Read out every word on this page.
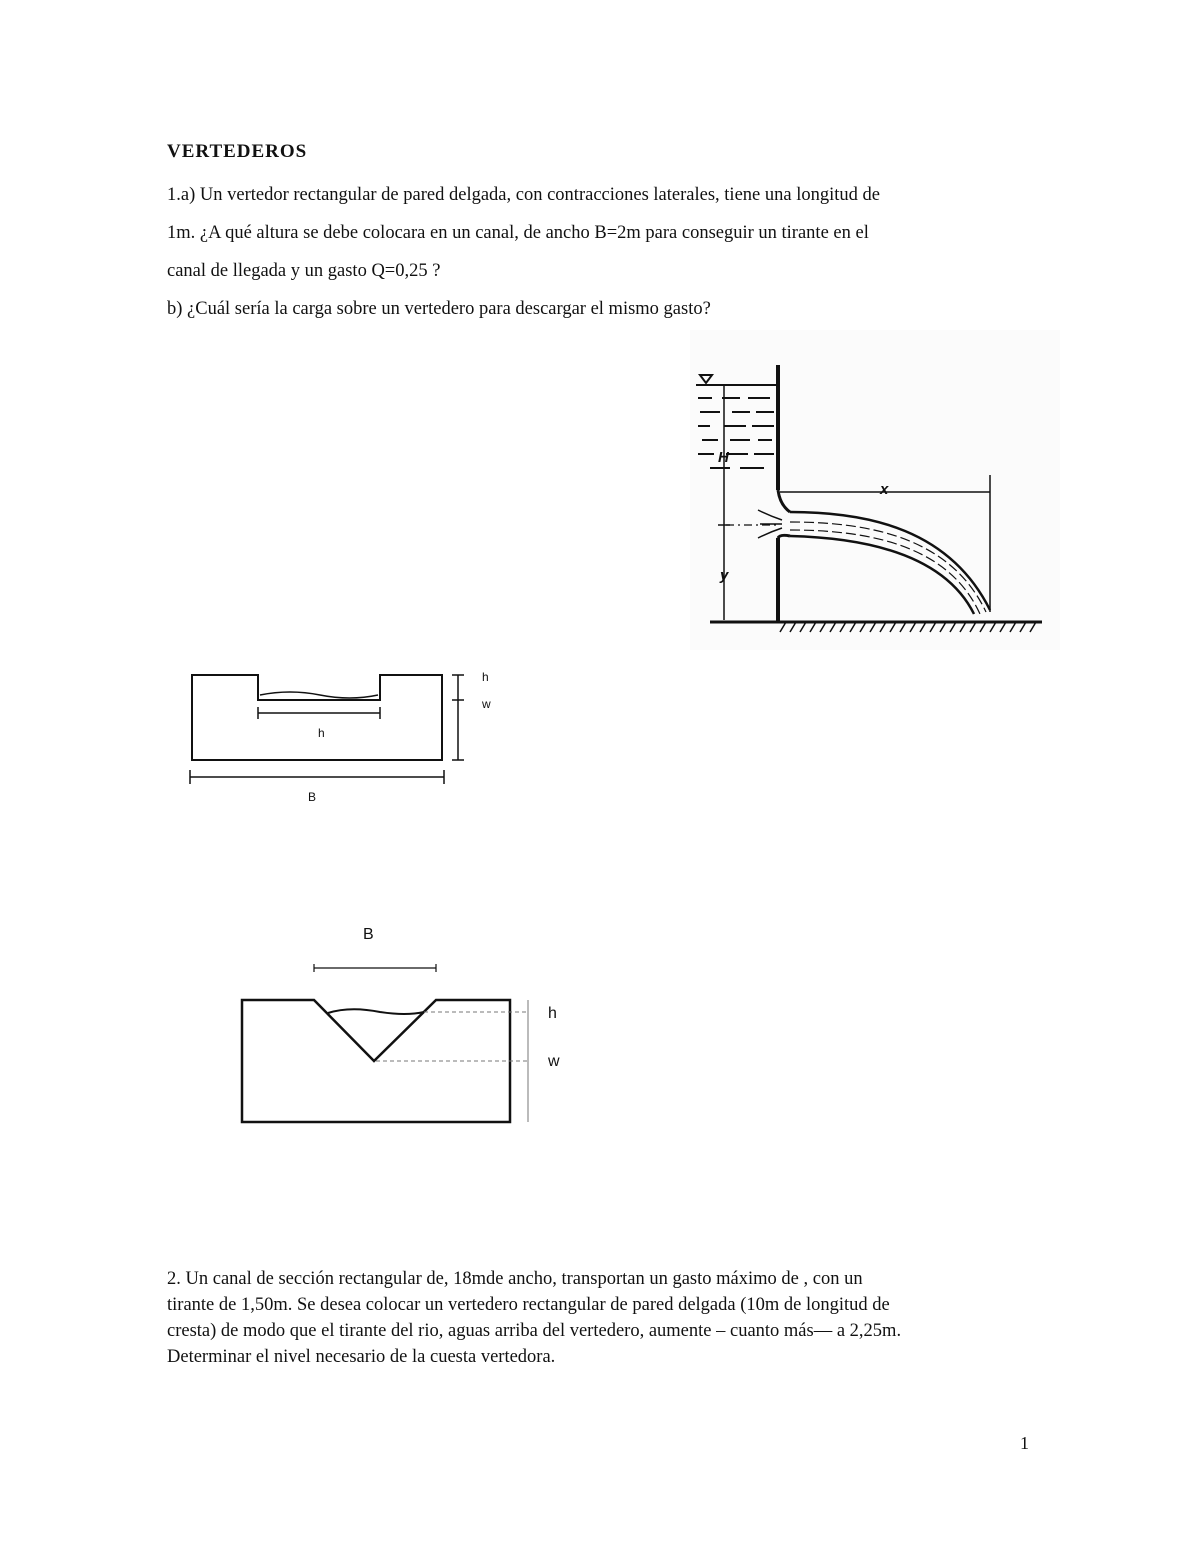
VERTEDEROS
1.a) Un vertedor rectangular de pared delgada, con contracciones laterales, tiene una longitud de
1m. ¿A qué altura se debe colocara en un canal, de ancho B=2m para conseguir un tirante en el
canal de llegada y un gasto Q=0,25 ?
b) ¿Cuál sería la carga sobre un vertedero para descargar el mismo gasto?
H
y
x
h
B
h
w
B
h
w
2. Un canal de sección rectangular de, 18mde ancho, transportan un gasto máximo de , con un
tirante de 1,50m. Se desea colocar un vertedero rectangular de pared delgada (10m de longitud de
cresta) de modo que el tirante del rio, aguas arriba del vertedero, aumente – cuanto más— a 2,25m.
Determinar el nivel necesario de la cuesta vertedora.
1
